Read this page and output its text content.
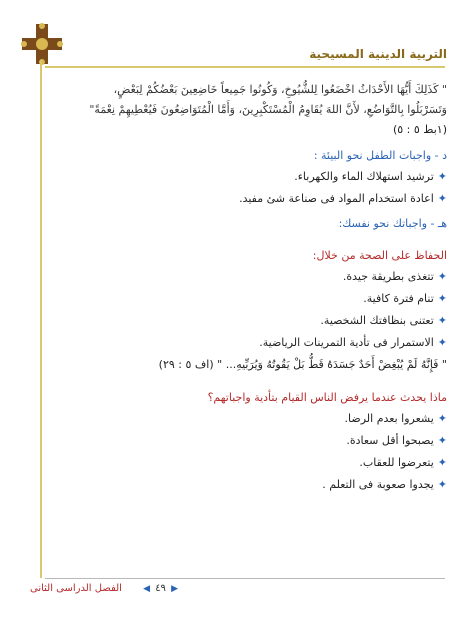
التربية الدينية المسيحية
" كَذَلِكَ أَيُّهَا الأَحْدَاثُ اخْضَعُوا لِلشُّيُوخِ، وَكُونُوا جَمِيعاً خَاضِعِينَ بَعْضُكُمْ لِبَعْضٍ،
وَتَسَرْبَلُوا بِالتَّوَاضُعِ، لأَنَّ اللهَ يُقَاوِمُ الْمُسْتَكْبِرِينَ، وَأَمَّا الْمُتَوَاضِعُونَ فَيُعْطِيهِمْ نِعْمَةً"
(١بط ٥ : ٥)
د - واجبات الطفل نحو البيئة :
✦ترشيد استهلاك الماء والكهرباء.
✦اعادة استخدام المواد فى صناعة شئ مفيد.
هـ - واجباتك نحو نفسك:
الحفاظ على الصحة من خلال:
✦تتغذى بطريقة جيدة.
✦تنام فترة كافية.
✦تعتنى بنظافتك الشخصية.
✦الاستمرار فى تأدية التمرينات الرياضية.
" فَإِنَّهُ لَمْ يُبْغِضْ أَحَدٌ جَسَدَهُ قَطُّ بَلْ يَقُوتُهُ وَيُرَبِّيهِ... " (اف ٥ : ٢٩)
ماذا يحدث عندما يرفض الناس القيام بتأدية واجباتهم؟
✦يشعروا بعدم الرضا.
✦يصبحوا أقل سعادة.
✦يتعرضوا للعقاب.
✦يجدوا صعوبة فى التعلم .
▶ ٤٩ ◀ الفصل الدراسى الثانى
